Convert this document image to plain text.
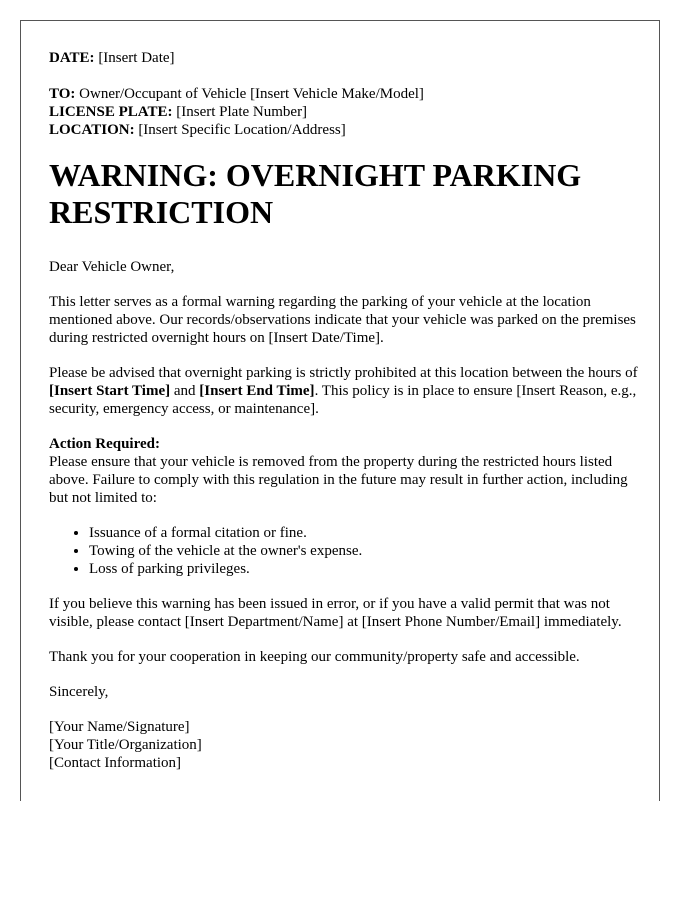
DATE: [Insert Date]

TO: Owner/Occupant of Vehicle [Insert Vehicle Make/Model]

LICENSE PLATE: [Insert Plate Number]

LOCATION: [Insert Specific Location/Address]

WARNING: OVERNIGHT PARKING RESTRICTION

Dear Vehicle Owner,

This letter serves as a formal warning regarding the parking of your vehicle at the location mentioned above. Our records/observations indicate that your vehicle was parked on the premises during restricted overnight hours on [Insert Date/Time].

Please be advised that overnight parking is strictly prohibited at this location between the hours of [Insert Start Time] and [Insert End Time]. This policy is in place to ensure [Insert Reason, e.g., security, emergency access, or maintenance].

Action Required:

Please ensure that your vehicle is removed from the property during the restricted hours listed above. Failure to comply with this regulation in the future may result in further action, including but not limited to:

• Issuance of a formal citation or fine.
• Towing of the vehicle at the owner's expense.
• Loss of parking privileges.

If you believe this warning has been issued in error, or if you have a valid permit that was not visible, please contact [Insert Department/Name] at [Insert Phone Number/Email] immediately.

Thank you for your cooperation in keeping our community/property safe and accessible.

Sincerely,

[Your Name/Signature]

[Your Title/Organization]

[Contact Information]
